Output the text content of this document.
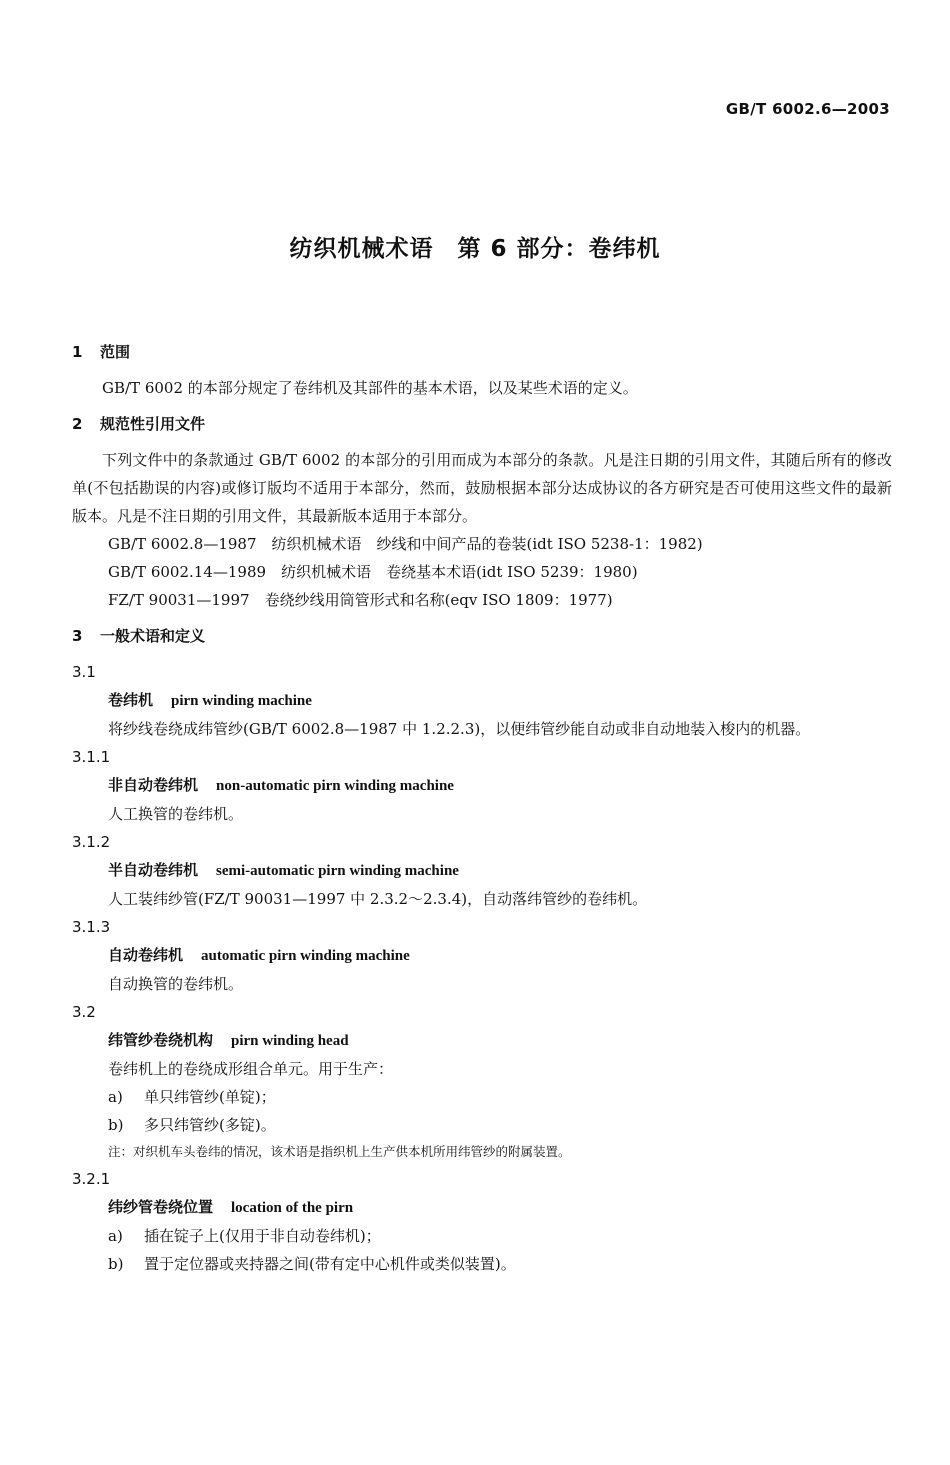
GB/T 6002.6—2003
纺织机械术语　第 6 部分：卷纬机
1 范围

GB/T 6002 的本部分规定了卷纬机及其部件的基本术语，以及某些术语的定义。

2 规范性引用文件

下列文件中的条款通过 GB/T 6002 的本部分的引用而成为本部分的条款。凡是注日期的引用文件，其随后所有的修改单(不包括勘误的内容)或修订版均不适用于本部分，然而，鼓励根据本部分达成协议的各方研究是否可使用这些文件的最新版本。凡是不注日期的引用文件，其最新版本适用于本部分。

GB/T 6002.8—1987　 纺织机械术语　纱线和中间产品的卷装(idt ISO 5238-1：1982)

GB/T 6002.14—1989　 纺织机械术语　卷绕基本术语(idt ISO 5239：1980)

FZ/T 90031—1997　 卷绕纱线用筒管形式和名称(eqv ISO 1809：1977)

3 一般术语和定义

3.1

卷纬机 pirn winding machine

将纱线卷绕成纬管纱(GB/T 6002.8—1987 中 1.2.2.3)，以便纬管纱能自动或非自动地装入梭内的机器。

3.1.1

非自动卷纬机 non-automatic pirn winding machine

人工换管的卷纬机。

3.1.2

半自动卷纬机 semi-automatic pirn winding machine

人工装纬纱管(FZ/T 90031—1997 中 2.3.2～2.3.4)，自动落纬管纱的卷纬机。

3.1.3

自动卷纬机 automatic pirn winding machine

自动换管的卷纬机。

3.2

纬管纱卷绕机构 pirn winding head

卷纬机上的卷绕成形组合单元。用于生产：

a) 单只纬管纱(单锭)；

b) 多只纬管纱(多锭)。

注：对织机车头卷纬的情况，该术语是指织机上生产供本机所用纬管纱的附属装置。

3.2.1

纬纱管卷绕位置 location of the pirn

a) 插在锭子上(仅用于非自动卷纬机)；

b) 置于定位器或夹持器之间(带有定中心机件或类似装置)。
